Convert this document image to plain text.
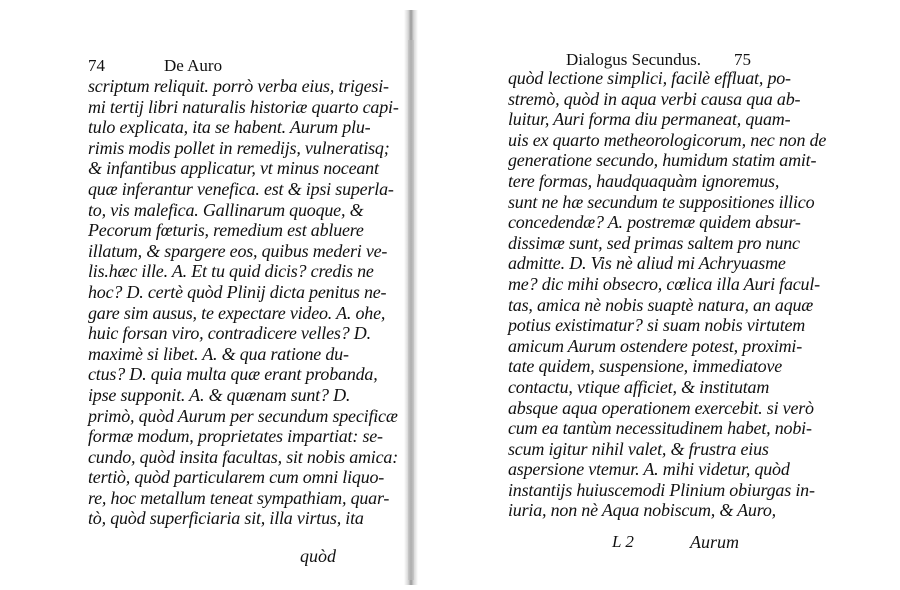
74	De Auro
scriptum reliquit. porrò verba eius, trigesi-
mi tertij libri naturalis historiæ quarto capi-
tulo explicata, ita se habent. Aurum plu-
rimis modis pollet in remedijs, vulneratisq;
& infantibus applicatur, vt minus noceant
quæ inferantur venefica. est & ipsi superla-
to, vis malefica. Gallinarum quoque, &
Pecorum fœturis, remedium est abluere
illatum, & spargere eos, quibus mederi ve-
lis.hæc ille. A. Et tu quid dicis? credis ne
hoc? D. certè quòd Plinij dicta penitus ne-
gare sim ausus, te expectare video. A. ohe,
huic forsan viro, contradicere velles? D.
maximè si libet. A. & qua ratione du-
ctus? D. quia multa quæ erant probanda,
ipse supponit. A. & quænam sunt? D.
primò, quòd Aurum per secundum specificæ
formæ modum, proprietates impartiat: se-
cundo, quòd insita facultas, sit nobis amica:
tertiò, quòd particularem cum omni liquo-
re, hoc metallum teneat sympathiam, quar-
tò, quòd superficiaria sit, illa virtus, ita
quòd
Dialogus Secundus. 75
quòd lectione simplici, facilè effluat, po-
stremò, quòd in aqua verbi causa qua ab-
luitur, Auri forma diu permaneat, quam-
uis ex quarto metheorologicorum, nec non de
generatione secundo, humidum statim amit-
tere formas, haudquaquàm ignoremus,
sunt ne hæ secundum te suppositiones illico
concedendæ? A. postremæ quidem absur-
dissimæ sunt, sed primas saltem pro nunc
admitte. D. Vis nè aliud mi Achryuasme
me? dic mihi obsecro, cœlica illa Auri facul-
tas, amica nè nobis suaptè natura, an aquæ
potius existimatur? si suam nobis virtutem
amicum Aurum ostendere potest, proximi-
tate quidem, suspensione, immediatove
contactu, vtique afficiet, & institutam
absque aqua operationem exercebit. si verò
cum ea tantùm necessitudinem habet, nobi-
scum igitur nihil valet, & frustra eius
aspersione vtemur. A. mihi videtur, quòd
instantijs huiuscemodi Plinium obiurgas in-
iuria, non nè Aqua nobiscum, & Auro,
L 2	Aurum
